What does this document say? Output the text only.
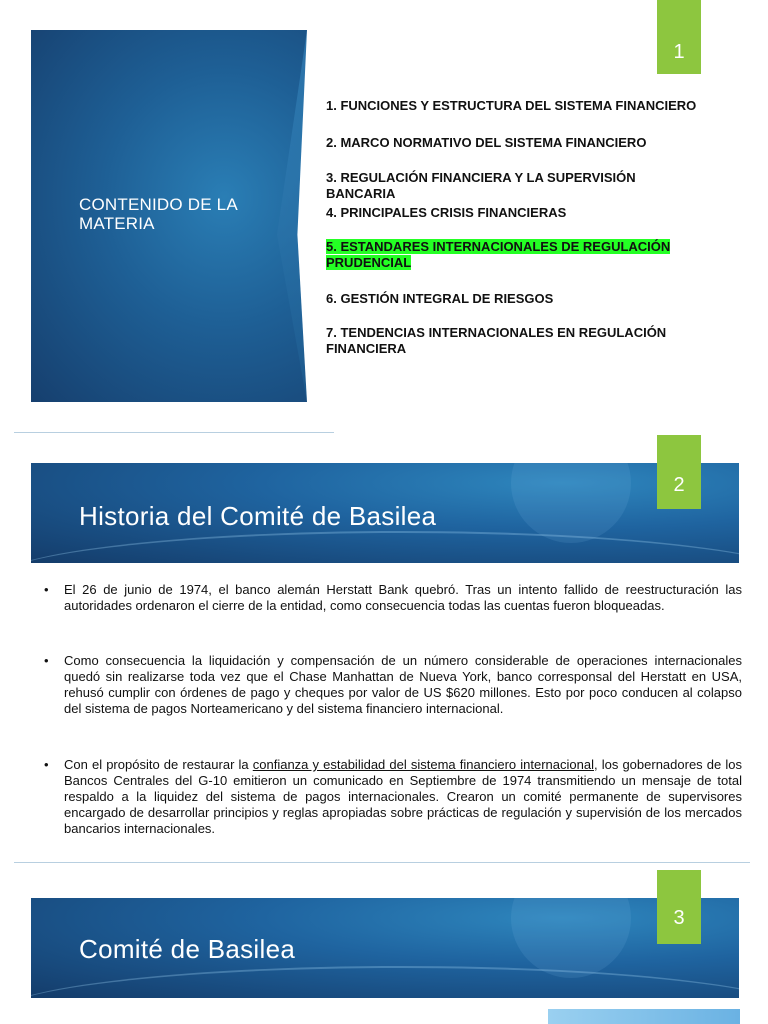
CONTENIDO DE LA MATERIA
1
1. FUNCIONES Y ESTRUCTURA DEL SISTEMA FINANCIERO
2. MARCO NORMATIVO DEL SISTEMA FINANCIERO
3. REGULACIÓN FINANCIERA Y LA SUPERVISIÓN BANCARIA
4. PRINCIPALES CRISIS FINANCIERAS
5. ESTANDARES INTERNACIONALES DE REGULACIÓN PRUDENCIAL
6. GESTIÓN INTEGRAL DE RIESGOS
7. TENDENCIAS INTERNACIONALES EN REGULACIÓN FINANCIERA
Historia del Comité de Basilea
2
• El 26 de junio de 1974, el banco alemán Herstatt Bank quebró. Tras un intento fallido de reestructuración las autoridades ordenaron el cierre de la entidad, como consecuencia todas las cuentas fueron bloqueadas.
• Como consecuencia la liquidación y compensación de un número considerable de operaciones internacionales quedó sin realizarse toda vez que el Chase Manhattan de Nueva York, banco corresponsal del Herstatt en USA, rehusó cumplir con órdenes de pago y cheques por valor de US $620 millones. Esto por poco conducen al colapso del sistema de pagos Norteamericano y del sistema financiero internacional.
• Con el propósito de restaurar la confianza y estabilidad del sistema financiero internacional, los gobernadores de los Bancos Centrales del G-10 emitieron un comunicado en Septiembre de 1974 transmitiendo un mensaje de total respaldo a la liquidez del sistema de pagos internacionales. Crearon un comité permanente de supervisores encargado de desarrollar principios y reglas apropiadas sobre prácticas de regulación y supervisión de los mercados bancarios internacionales.
Comité de Basilea
3
